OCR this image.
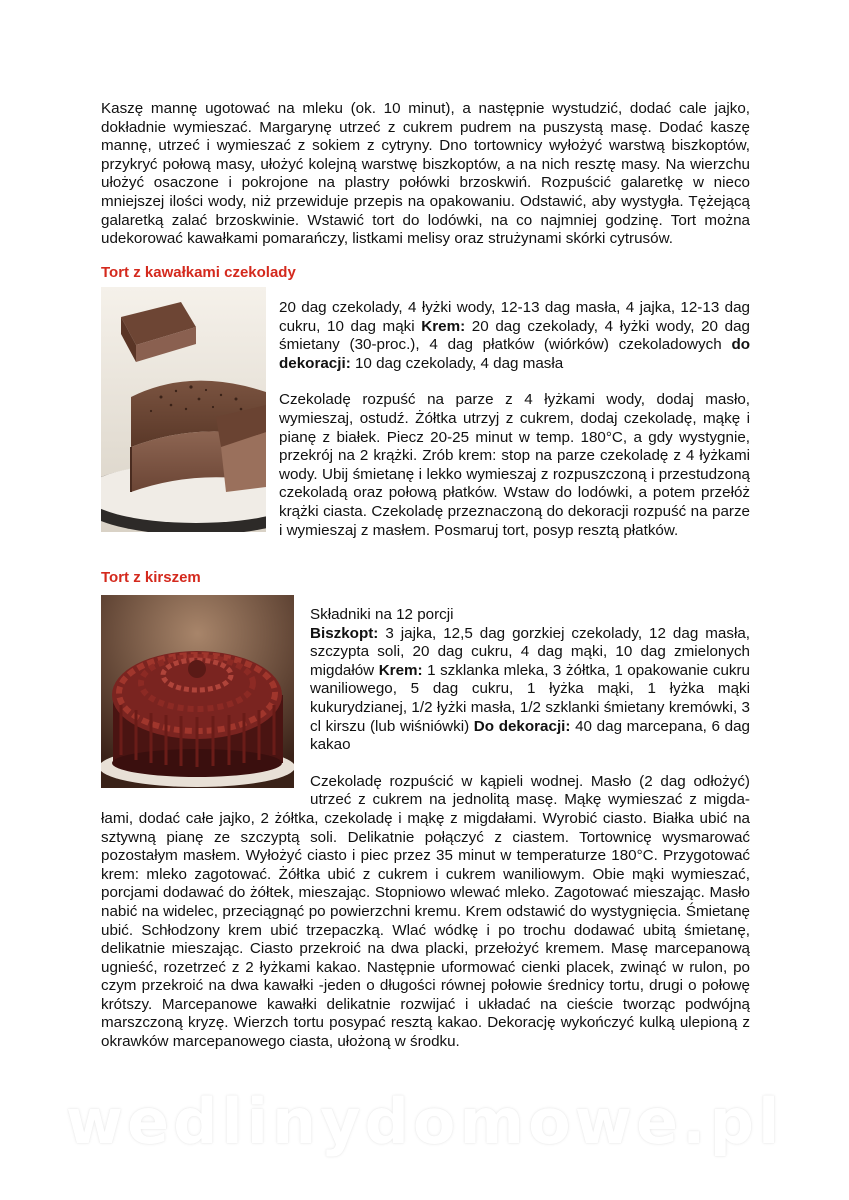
Kaszę mannę ugotować na mleku (ok. 10 minut), a następnie wystudzić, dodać cale jajko, dokładnie wymieszać. Margarynę utrzeć z cukrem pudrem na puszystą masę. Dodać kaszę mannę, utrzeć i wymieszać z sokiem z cytryny. Dno tortownicy wyłożyć warstwą biszkoptów, przykryć połową masy, ułożyć kolejną warstwę biszkoptów, a na nich resztę masy. Na wierzchu ułożyć osaczone i pokrojone na plastry połówki brzoskwiń. Rozpuścić galaretkę w nieco mniejszej ilości wody, niż przewiduje przepis na opakowaniu. Odstawić, aby wystygła. Tężejącą galaretką zalać brzoskwinie. Wstawić tort do lodówki, na co najmniej godzinę. Tort można udekorować kawałkami pomarańczy, listkami melisy oraz strużynami skórki cytrusów.

Tort z kawałkami czekolady

20 dag czekolady, 4 łyżki wody, 12-13 dag masła, 4 jajka, 12-13 dag cukru, 10 dag mąki Krem: 20 dag czekolady, 4 łyżki wody, 20 dag śmietany (30-proc.), 4 dag płatków (wiórków) czekoladowych do dekoracji: 10 dag czekolady, 4 dag masła

Czekoladę rozpuść na parze z 4 łyżkami wody, dodaj masło, wymieszaj, ostudź. Żółtka utrzyj z cukrem, dodaj czekoladę, mąkę i pianę z białek. Piecz 20-25 minut w temp. 180°C, a gdy wystygnie, przekrój na 2 krążki. Zrób krem: stop na parze czekoladę z 4 łyżkami wody. Ubij śmietanę i lekko wymieszaj z rozpuszczoną i przestudzoną czekoladą oraz połową płatków. Wstaw do lodówki, a potem przełóż krążki ciasta. Czekoladę przeznaczoną do dekoracji rozpuść na parze i wymieszaj z masłem. Posmaruj tort, posyp resztą płatków.

Tort z kirszem

Składniki na 12 porcji
Biszkopt: 3 jajka, 12,5 dag gorzkiej czekolady, 12 dag masła, szczypta soli, 20 dag cukru, 4 dag mąki, 10 dag zmielonych migdałów Krem: 1 szklanka mleka, 3 żółtka, 1 opakowanie cukru waniliowego, 5 dag cukru, 1 łyżka mąki, 1 łyżka mąki kukurydzianej, 1/2 łyżki masła, 1/2 szklanki śmietany kremówki, 3 cl kirszu (lub wiśniówki) Do dekoracji: 40 dag marcepana, 6 dag kakao

Czekoladę rozpuścić w kąpieli wodnej. Masło (2 dag odłożyć) utrzeć z cukrem na jednolitą masę. Mąkę wymieszać z migda-łami, dodać całe jajko, 2 żółtka, czekoladę i mąkę z migdałami. Wyrobić ciasto. Białka ubić na sztywną pianę ze szczyptą soli. Delikatnie połączyć z ciastem. Tortownicę wysmarować pozostałym masłem. Wyłożyć ciasto i piec przez 35 minut w temperaturze 180°C. Przygotować krem: mleko zagotować. Żółtka ubić z cukrem i cukrem waniliowym. Obie mąki wymieszać, porcjami dodawać do żółtek, mieszając. Stopniowo wlewać mleko. Zagotować mieszając. Masło nabić na widelec, przeciągnąć po powierzchni kremu. Krem odstawić do wystygnięcia. Śmietanę ubić. Schłodzony krem ubić trzepaczką. Wlać wódkę i po trochu dodawać ubitą śmietanę, delikatnie mieszając. Ciasto przekroić na dwa placki, przełożyć kremem. Masę marcepanową ugnieść, rozetrzeć z 2 łyżkami kakao. Następnie uformować cienki placek, zwinąć w rulon, po czym przekroić na dwa kawałki -jeden o długości równej połowie średnicy tortu, drugi o połowę krótszy. Marcepanowe kawałki delikatnie rozwijać i układać na cieście tworząc podwójną marszczoną kryzę. Wierzch tortu posypać resztą kakao. Dekorację wykończyć kulką ulepioną z okrawków marcepanowego ciasta, ułożoną w środku.

wedlinydomowe.pl
